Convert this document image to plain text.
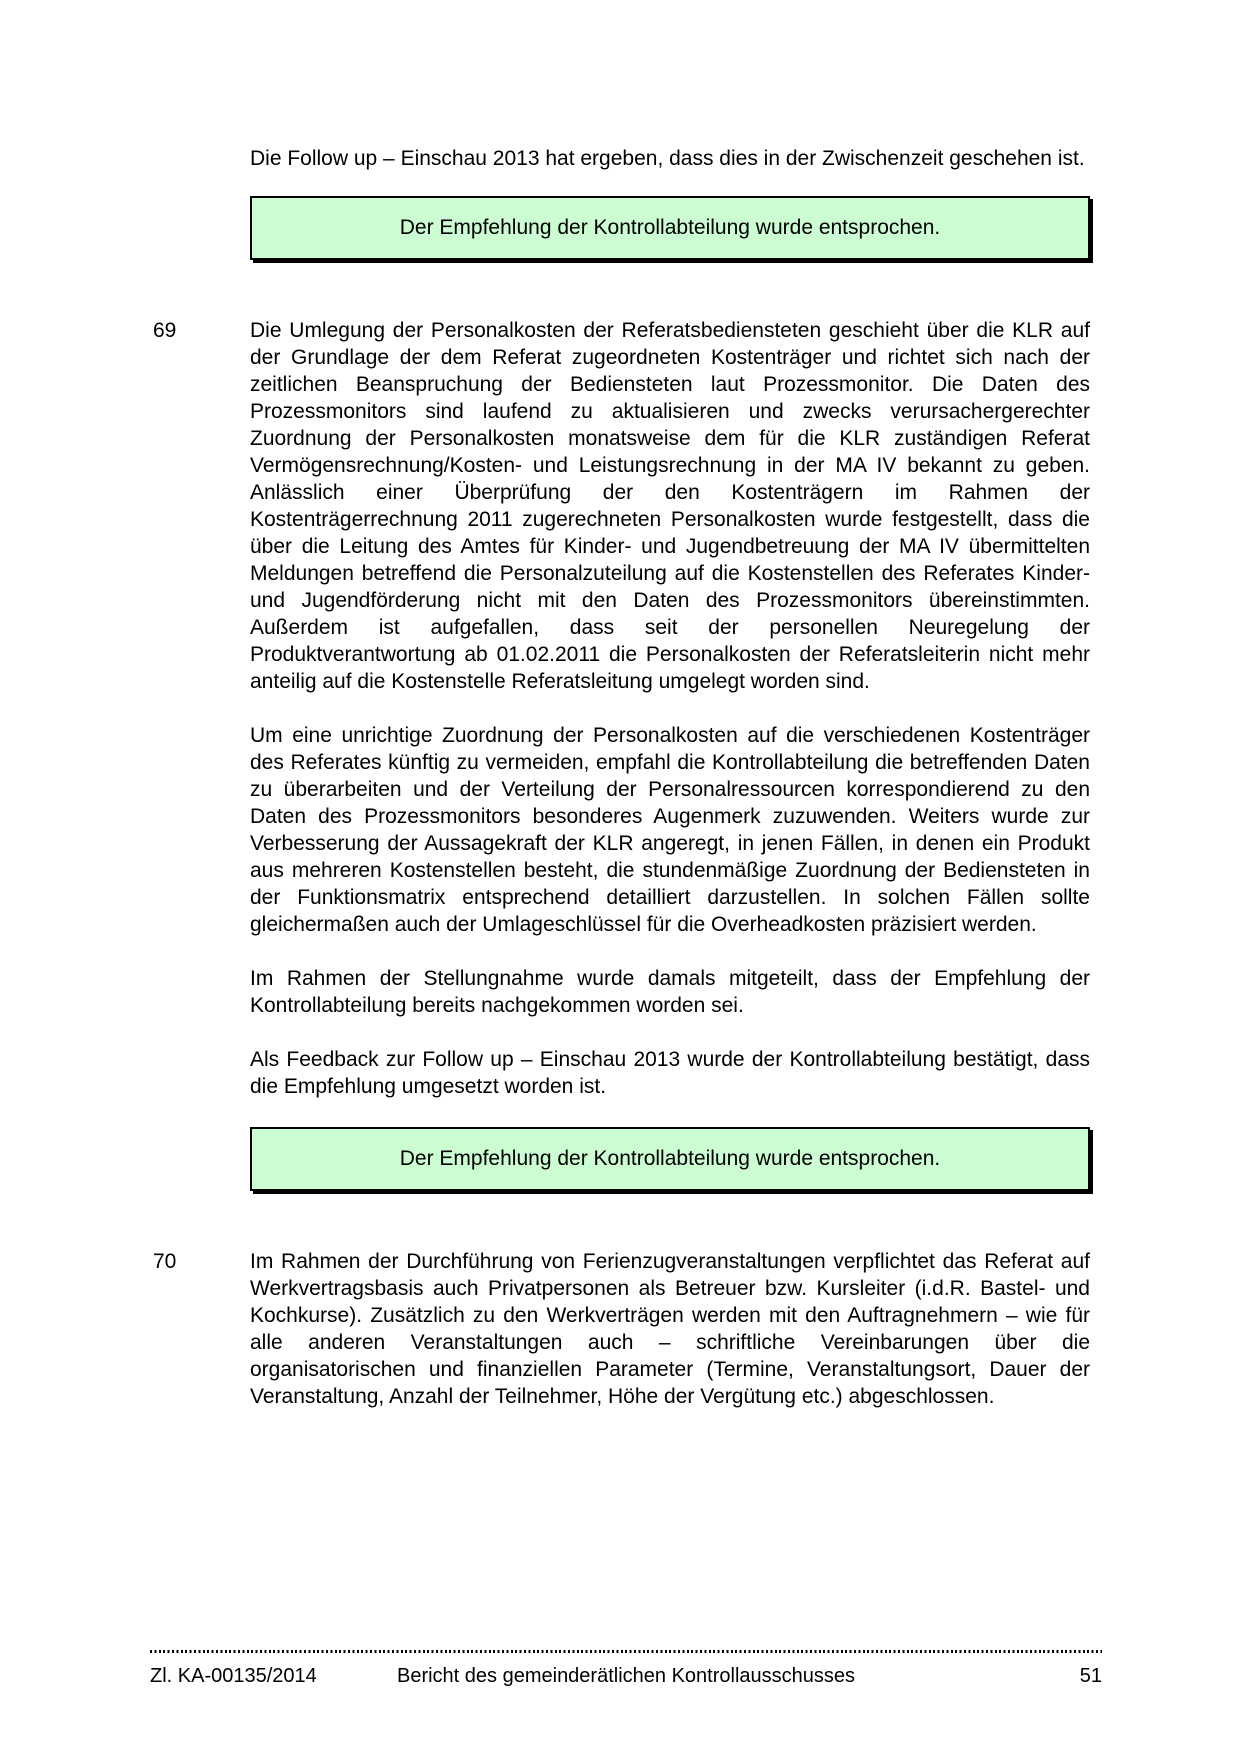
Die Follow up – Einschau 2013 hat ergeben, dass dies in der Zwischenzeit geschehen ist.

Der Empfehlung der Kontrollabteilung wurde entsprochen.
69	Die Umlegung der Personalkosten der Referatsbediensteten geschieht über die KLR auf der Grundlage der dem Referat zugeordneten Kostenträger und richtet sich nach der zeitlichen Beanspruchung der Bediensteten laut Prozessmonitor. Die Daten des Prozessmonitors sind laufend zu aktualisieren und zwecks verursachergerechter Zuordnung der Personalkosten monatsweise dem für die KLR zuständigen Referat Vermögensrechnung/Kosten- und Leistungsrechnung in der MA IV bekannt zu geben. Anlässlich einer Überprüfung der den Kostenträgern im Rahmen der Kostenträgerrechnung 2011 zugerechneten Personalkosten wurde festgestellt, dass die über die Leitung des Amtes für Kinder- und Jugendbetreuung der MA IV übermittelten Meldungen betreffend die Personalzuteilung auf die Kostenstellen des Referates Kinder- und Jugendförderung nicht mit den Daten des Prozessmonitors übereinstimmten. Außerdem ist aufgefallen, dass seit der personellen Neuregelung der Produktverantwortung ab 01.02.2011 die Personalkosten der Referatsleiterin nicht mehr anteilig auf die Kostenstelle Referatsleitung umgelegt worden sind.

Um eine unrichtige Zuordnung der Personalkosten auf die verschiedenen Kostenträger des Referates künftig zu vermeiden, empfahl die Kontrollabteilung die betreffenden Daten zu überarbeiten und der Verteilung der Personalressourcen korrespondierend zu den Daten des Prozessmonitors besonderes Augenmerk zuzuwenden. Weiters wurde zur Verbesserung der Aussagekraft der KLR angeregt, in jenen Fällen, in denen ein Produkt aus mehreren Kostenstellen besteht, die stundenmäßige Zuordnung der Bediensteten in der Funktionsmatrix entsprechend detailliert darzustellen. In solchen Fällen sollte gleichermaßen auch der Umlageschlüssel für die Overheadkosten präzisiert werden.

Im Rahmen der Stellungnahme wurde damals mitgeteilt, dass der Empfehlung der Kontrollabteilung bereits nachgekommen worden sei.

Als Feedback zur Follow up – Einschau 2013 wurde der Kontrollabteilung bestätigt, dass die Empfehlung umgesetzt worden ist.

Der Empfehlung der Kontrollabteilung wurde entsprochen.
70	Im Rahmen der Durchführung von Ferienzugveranstaltungen verpflichtet das Referat auf Werkvertragsbasis auch Privatpersonen als Betreuer bzw. Kursleiter (i.d.R. Bastel- und Kochkurse). Zusätzlich zu den Werkverträgen werden mit den Auftragnehmern – wie für alle anderen Veranstaltungen auch – schriftliche Vereinbarungen über die organisatorischen und finanziellen Parameter (Termine, Veranstaltungsort, Dauer der Veranstaltung, Anzahl der Teilnehmer, Höhe der Vergütung etc.) abgeschlossen.

Zl. KA-00135/2014	Bericht des gemeinderätlichen Kontrollausschusses	51
